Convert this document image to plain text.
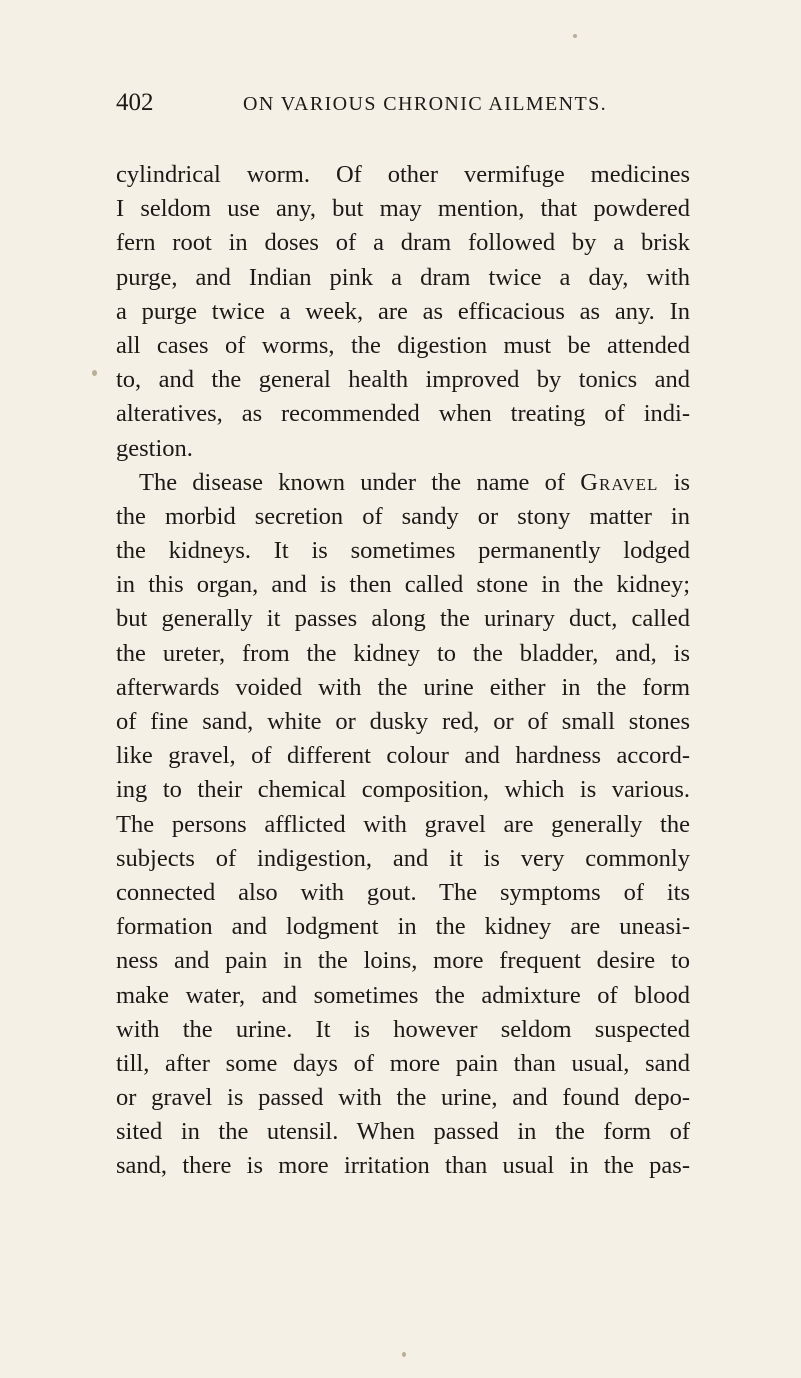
402	ON VARIOUS CHRONIC AILMENTS.
cylindrical worm. Of other vermifuge medicines
I seldom use any, but may mention, that powdered
fern root in doses of a dram followed by a brisk
purge, and Indian pink a dram twice a day, with
a purge twice a week, are as efficacious as any. In
all cases of worms, the digestion must be attended
to, and the general health improved by tonics and
alteratives, as recommended when treating of indi-
gestion.
The disease known under the name of Gravel is
the morbid secretion of sandy or stony matter in
the kidneys. It is sometimes permanently lodged
in this organ, and is then called stone in the kidney;
but generally it passes along the urinary duct, called
the ureter, from the kidney to the bladder, and, is
afterwards voided with the urine either in the form
of fine sand, white or dusky red, or of small stones
like gravel, of different colour and hardness accord-
ing to their chemical composition, which is various.
The persons afflicted with gravel are generally the
subjects of indigestion, and it is very commonly
connected also with gout. The symptoms of its
formation and lodgment in the kidney are uneasi-
ness and pain in the loins, more frequent desire to
make water, and sometimes the admixture of blood
with the urine. It is however seldom suspected
till, after some days of more pain than usual, sand
or gravel is passed with the urine, and found depo-
sited in the utensil. When passed in the form of
sand, there is more irritation than usual in the pas-
